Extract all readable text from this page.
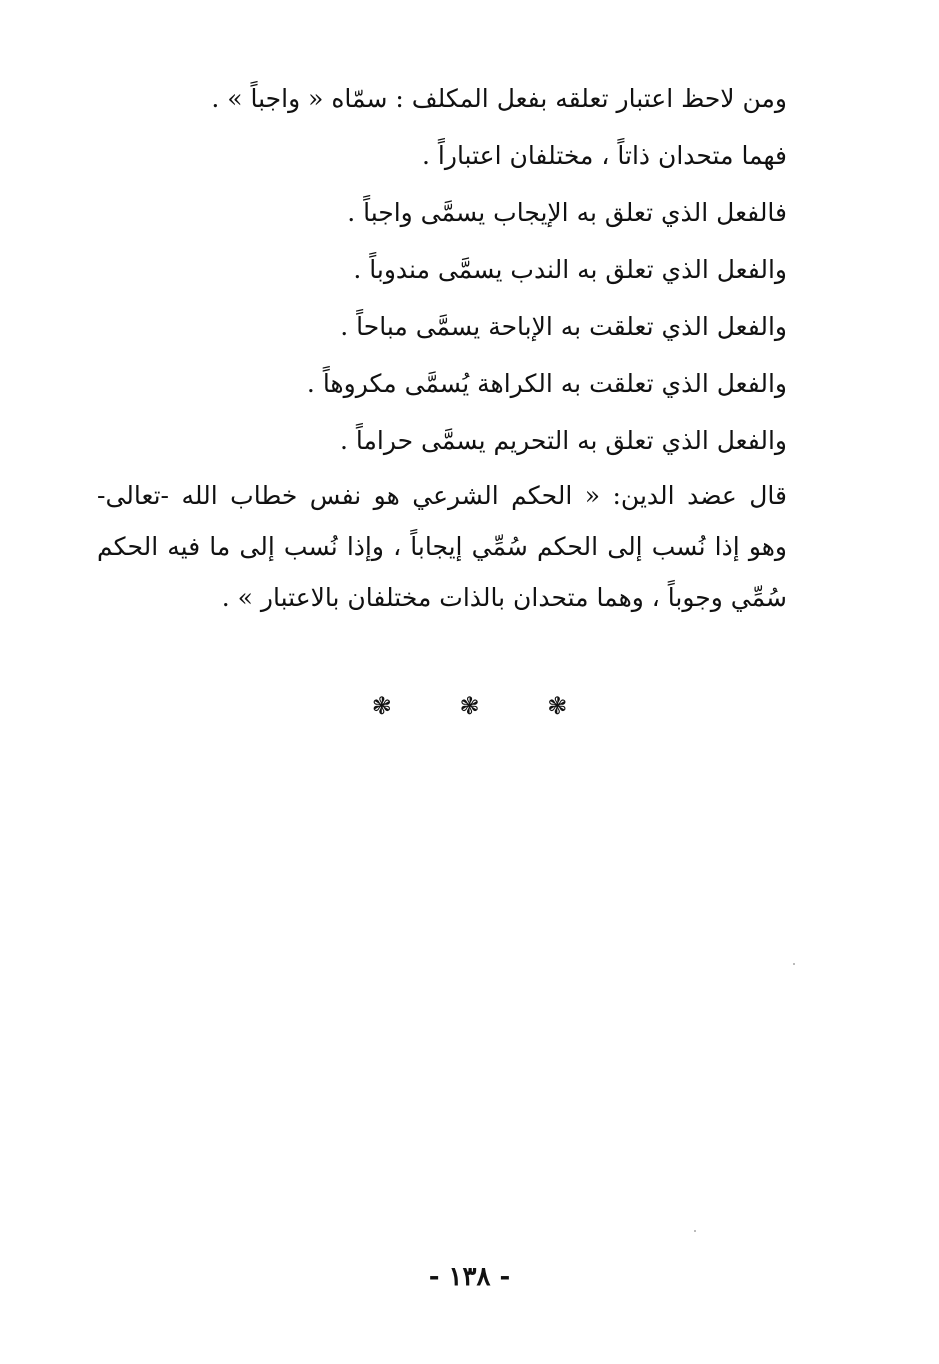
ومن لاحظ اعتبار تعلقه بفعل المكلف : سمّاه « واجباً » .
فهما متحدان ذاتاً ، مختلفان اعتباراً .
فالفعل الذي تعلق به الإيجاب يسمَّى واجباً .
والفعل الذي تعلق به الندب يسمَّى مندوباً .
والفعل الذي تعلقت به الإباحة يسمَّى مباحاً .
والفعل الذي تعلقت به الكراهة يُسمَّى مكروهاً .
والفعل الذي تعلق به التحريم يسمَّى حراماً .
قال عضد الدين: « الحكم الشرعي هو نفس خطاب الله -تعالى- وهو إذا نُسب إلى الحكم سُمِّي إيجاباً ، وإذا نُسب إلى ما فيه الحكم سُمِّي وجوباً ، وهما متحدان بالذات مختلفان بالاعتبار » .
❃	❃	❃
- ١٣٨ -
